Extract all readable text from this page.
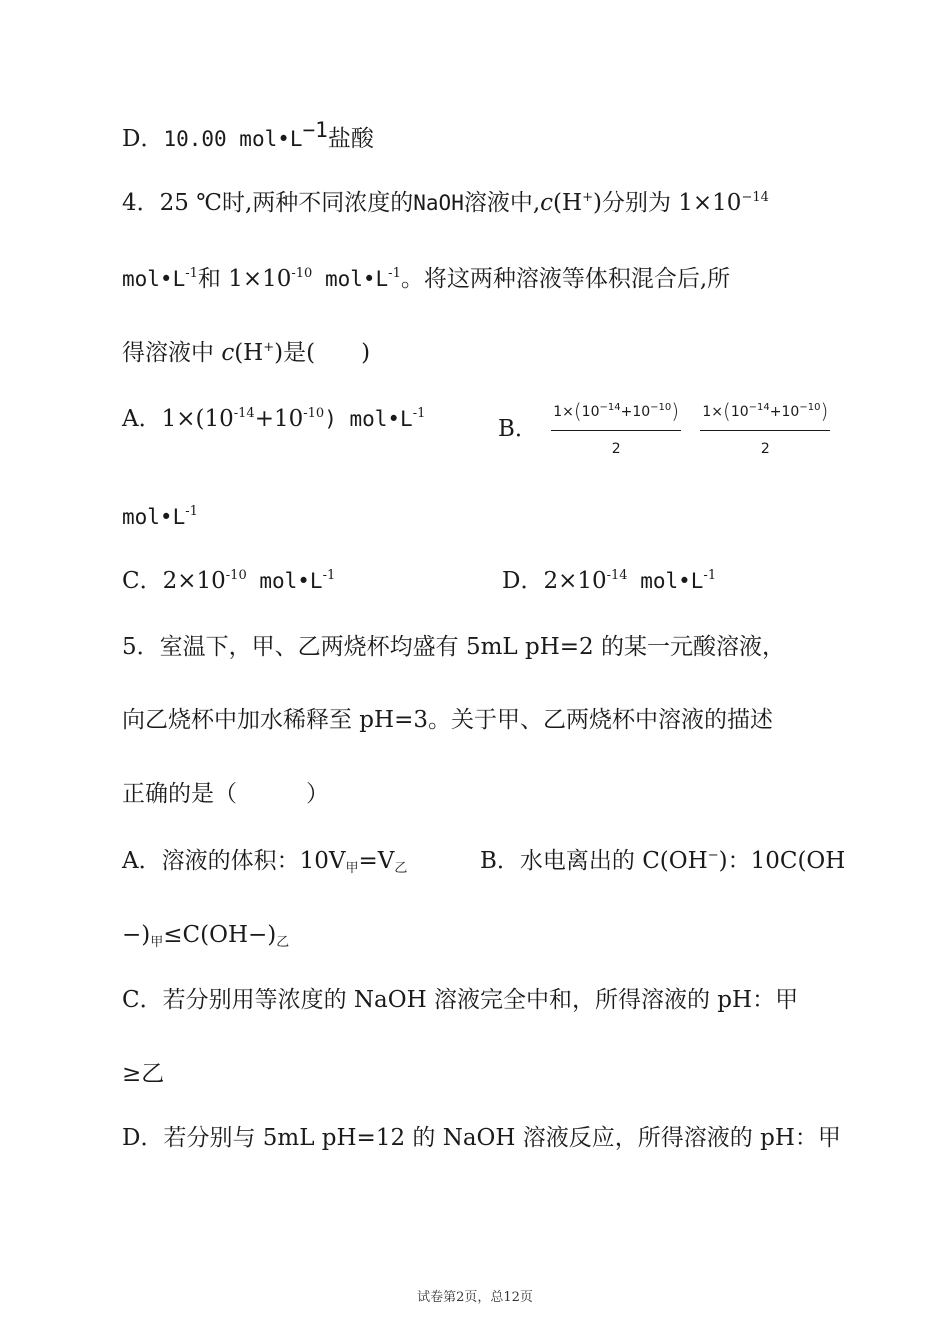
D．10.00 $mol•L^{-1}$盐酸
4．25 ℃时,两种不同浓度的NaOH溶液中,c(H+)分别为 $1\times 10^{-14}$
$mol•L^{-1}$和 $1\times 10^{-10}$ $mol•L^{-1}$。将这两种溶液等体积混合后,所
得溶液中 c(H+)是(　　)
A．$1\times(10^{-14}+10^{-10})$ $mol•L^{-1}$
B． $\frac{1\times(10^{-14}+10^{-10})}{2}$
$\frac{1\times(10^{-14}+10^{-10})}{2}$
$mol•L^{-1}$
C．$2\times 10^{-10}$ $mol•L^{-1}$	D．$2\times 10^{-14}$ $mol•L^{-1}$
5．室温下，甲、乙两烧杯均盛有 5mL pH=2 的某一元酸溶液，
向乙烧杯中加水稀释至 pH=3。关于甲、乙两烧杯中溶液的描述
正确的是（　　　）
A．溶液的体积：$10V_甲=V_乙$	B．水电离出的 C(OH−)：10C(OH
$-)_甲\le C(OH-)_乙$
C．若分别用等浓度的 NaOH 溶液完全中和，所得溶液的 pH：甲
≥乙
D．若分别与 5mL pH=12 的 NaOH 溶液反应，所得溶液的 pH：甲
试卷第2页，总12页
